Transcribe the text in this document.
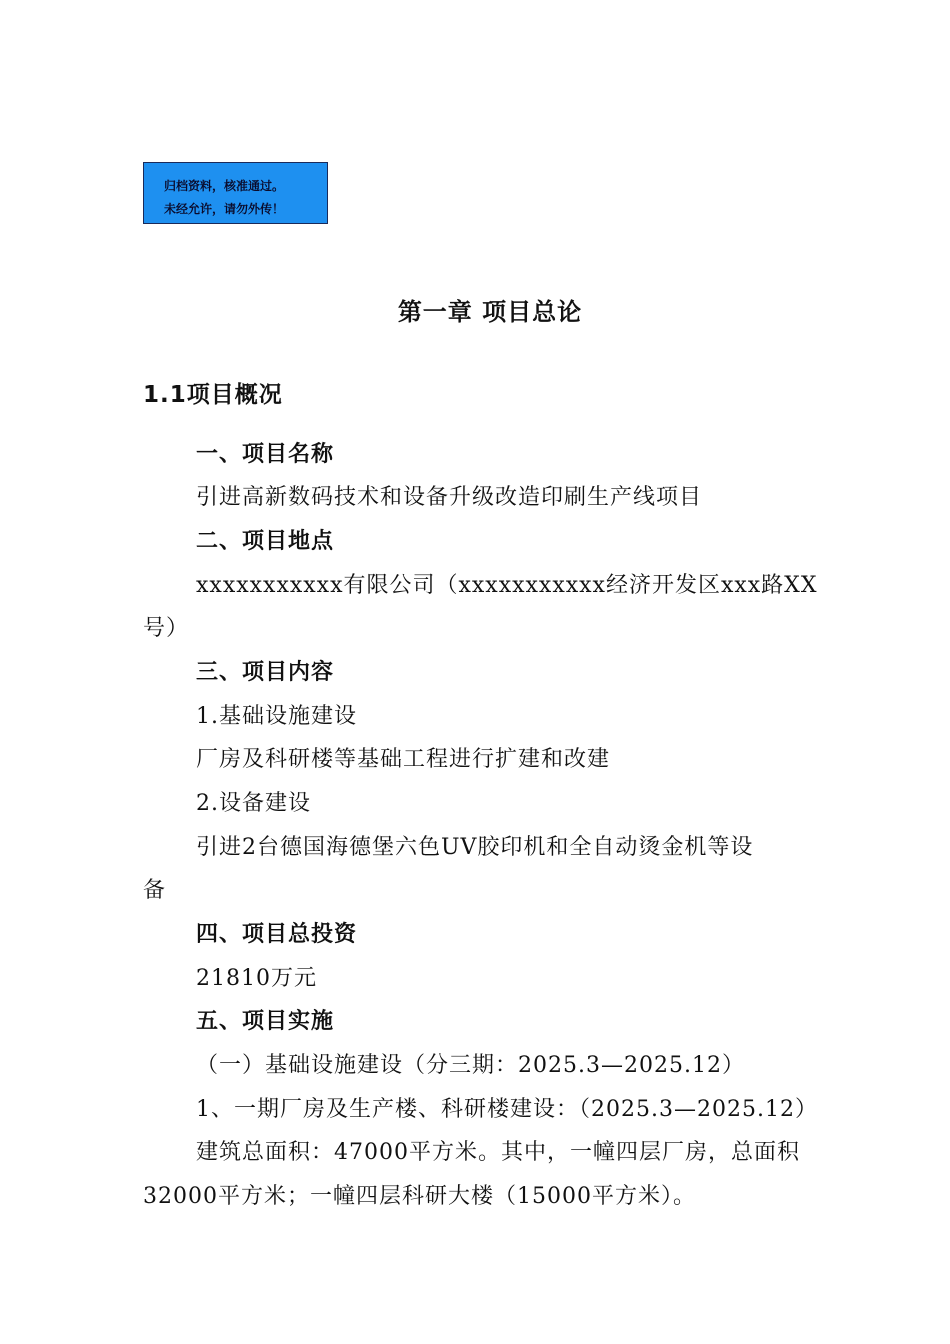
归档资料，核准通过。
未经允许，请勿外传！
第一章 项目总论
1.1项目概况
一、项目名称
引进高新数码技术和设备升级改造印刷生产线项目
二、项目地点
xxxxxxxxxxx有限公司（xxxxxxxxxxx经济开发区xxx路XX
号）
三、项目内容
1.基础设施建设
厂房及科研楼等基础工程进行扩建和改建
2.设备建设
引进2台德国海德堡六色UV胶印机和全自动烫金机等设
备
四、项目总投资
21810万元
五、项目实施
（一）基础设施建设（分三期：2025.3—2025.12）
1、一期厂房及生产楼、科研楼建设：（2025.3—2025.12）
建筑总面积：47000平方米。其中，一幢四层厂房，总面积
32000平方米；一幢四层科研大楼（15000平方米）。
